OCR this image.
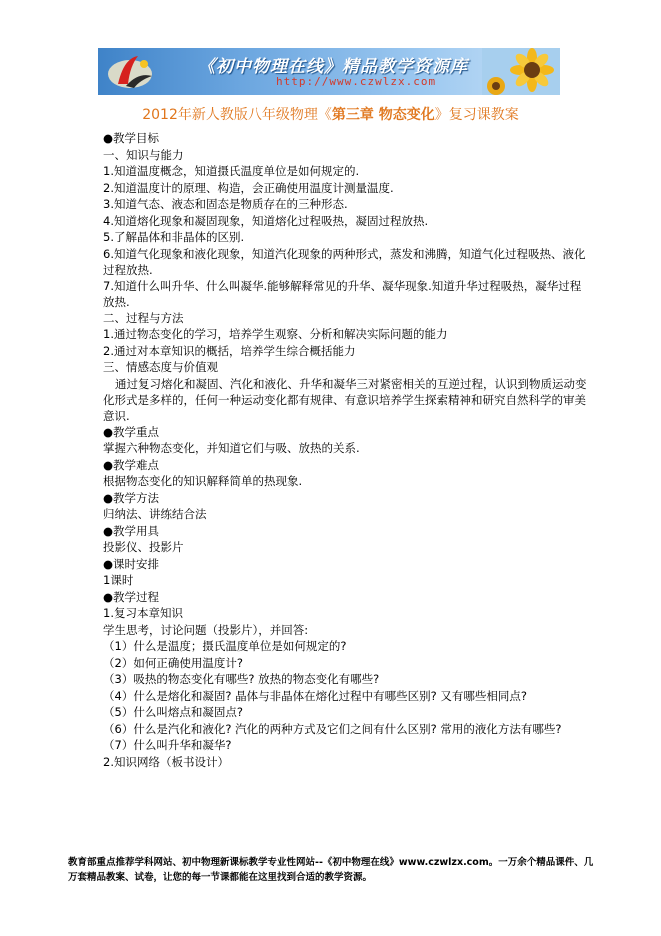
《初中物理在线》精品教学资源库
http://www.czwlzx.com
2012年新人教版八年级物理《第三章 物态变化》复习课教案
●教学目标
一、知识与能力
1.知道温度概念，知道摄氏温度单位是如何规定的.
2.知道温度计的原理、构造，会正确使用温度计测量温度.
3.知道气态、液态和固态是物质存在的三种形态.
4.知道熔化现象和凝固现象，知道熔化过程吸热，凝固过程放热.
5.了解晶体和非晶体的区别.
6.知道气化现象和液化现象，知道汽化现象的两种形式，蒸发和沸腾，知道气化过程吸热、液化过程放热.
7.知道什么叫升华、什么叫凝华.能够解释常见的升华、凝华现象.知道升华过程吸热，凝华过程放热.
二、过程与方法
1.通过物态变化的学习，培养学生观察、分析和解决实际问题的能力
2.通过对本章知识的概括，培养学生综合概括能力
三、情感态度与价值观
通过复习熔化和凝固、汽化和液化、升华和凝华三对紧密相关的互逆过程，认识到物质运动变化形式是多样的，任何一种运动变化都有规律、有意识培养学生探索精神和研究自然科学的审美意识.
●教学重点
掌握六种物态变化，并知道它们与吸、放热的关系.
●教学难点
根据物态变化的知识解释简单的热现象.
●教学方法
归纳法、讲练结合法
●教学用具
投影仪、投影片
●课时安排
1课时
●教学过程
1.复习本章知识
学生思考，讨论问题（投影片），并回答:
（1）什么是温度；摄氏温度单位是如何规定的?
（2）如何正确使用温度计?
（3）吸热的物态变化有哪些? 放热的物态变化有哪些?
（4）什么是熔化和凝固? 晶体与非晶体在熔化过程中有哪些区别? 又有哪些相同点?
（5）什么叫熔点和凝固点?
（6）什么是汽化和液化? 汽化的两种方式及它们之间有什么区别? 常用的液化方法有哪些?
（7）什么叫升华和凝华?
2.知识网络（板书设计）
教育部重点推荐学科网站、初中物理新课标教学专业性网站--《初中物理在线》www.czwlzx.com。一万余个精品课件、几万套精品教案、试卷，让您的每一节课都能在这里找到合适的教学资源。
